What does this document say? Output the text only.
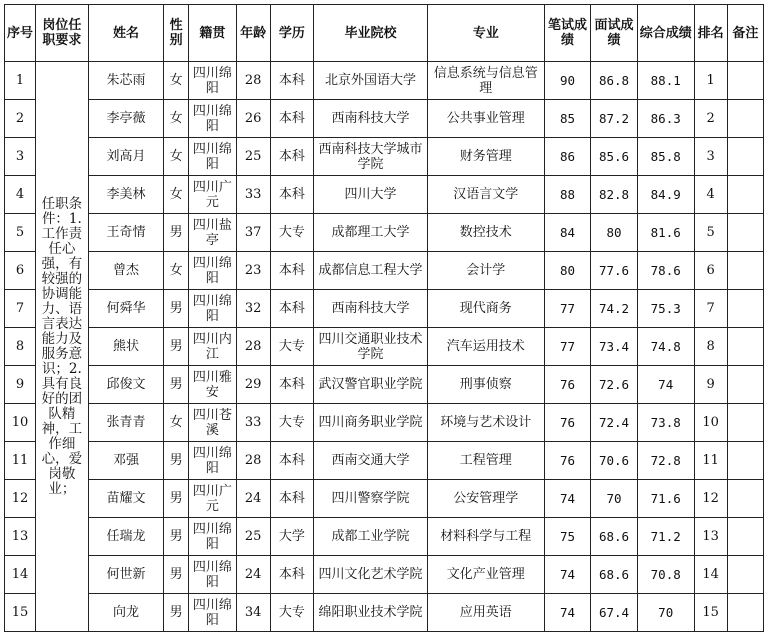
序号	岗位任职要求	姓名	性别	籍贯	年龄	学历	毕业院校	专业	笔试成绩	面试成绩	综合成绩	排名	备注
1	任职条件：1.工作责任心强，有较强的协调能力、语言表达能力及服务意识；2.具有良好的团队精神，工作细心，爱岗敬业；	朱芯雨	女	四川绵阳	28	本科	北京外国语大学	信息系统与信息管理	90	86.8	88.1	1	
2		李亭薇	女	四川绵阳	26	本科	西南科技大学	公共事业管理	85	87.2	86.3	2	
3		刘高月	女	四川绵阳	25	本科	西南科技大学城市学院	财务管理	86	85.6	85.8	3	
4		李美林	女	四川广元	33	本科	四川大学	汉语言文学	88	82.8	84.9	4	
5		王奇情	男	四川盐亭	37	大专	成都理工大学	数控技术	84	80	81.6	5	
6		曾杰	女	四川绵阳	23	本科	成都信息工程大学	会计学	80	77.6	78.6	6	
7		何舜华	男	四川绵阳	32	本科	西南科技大学	现代商务	77	74.2	75.3	7	
8		熊状	男	四川内江	28	大专	四川交通职业技术学院	汽车运用技术	77	73.4	74.8	8	
9		邱俊文	男	四川雅安	29	本科	武汉警官职业学院	刑事侦察	76	72.6	74	9	
10		张青青	女	四川苍溪	33	大专	四川商务职业学院	环境与艺术设计	76	72.4	73.8	10	
11		邓强	男	四川绵阳	28	本科	西南交通大学	工程管理	76	70.6	72.8	11	
12		苗耀文	男	四川广元	24	本科	四川警察学院	公安管理学	74	70	71.6	12	
13		任瑞龙	男	四川绵阳	25	大学	成都工业学院	材料科学与工程	75	68.6	71.2	13	
14		何世新	男	四川绵阳	24	本科	四川文化艺术学院	文化产业管理	74	68.6	70.8	14	
15		向龙	男	四川绵阳	34	大专	绵阳职业技术学院	应用英语	74	67.4	70	15	
